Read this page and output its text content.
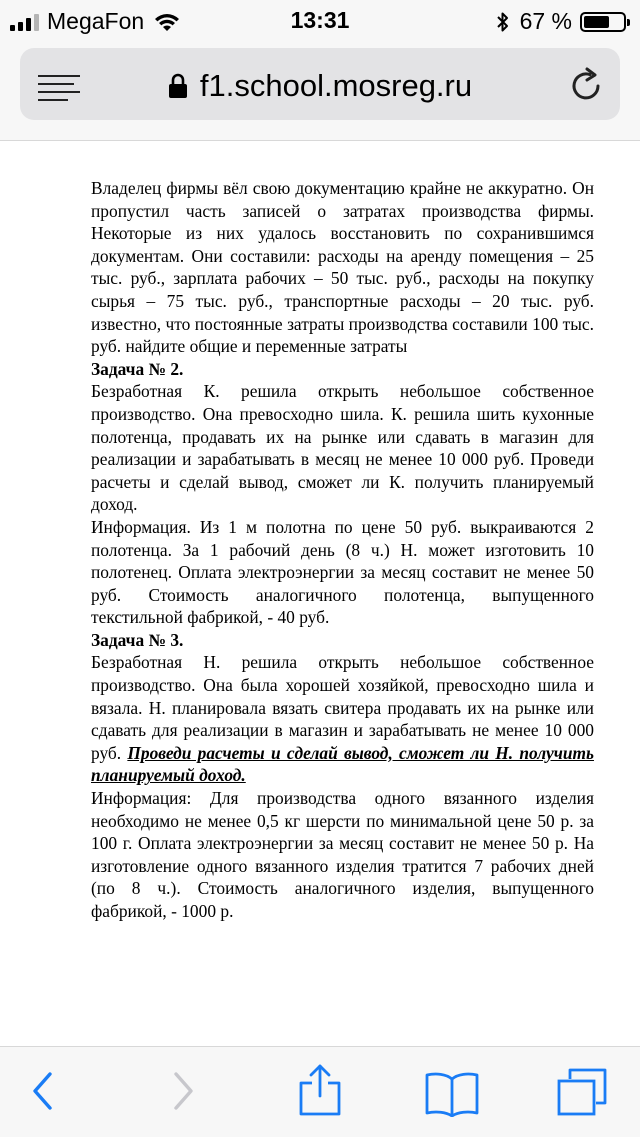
MegaFon	13:31	67 %
f1.school.mosreg.ru

Владелец фирмы вёл свою документацию крайне не аккуратно. Он пропустил часть записей о затратах производства фирмы. Некоторые из них удалось восстановить по сохранившимся документам. Они составили: расходы на аренду помещения – 25 тыс. руб., зарплата рабочих – 50 тыс. руб., расходы на покупку сырья – 75 тыс. руб., транспортные расходы – 20 тыс. руб. известно, что постоянные затраты производства составили 100 тыс. руб. найдите общие и переменные затраты

Задача № 2.

Безработная К. решила открыть небольшое собственное производство. Она превосходно шила. К. решила шить кухонные полотенца, продавать их на рынке или сдавать в магазин для реализации и зарабатывать в месяц не менее 10 000 руб. Проведи расчеты и сделай вывод, сможет ли К. получить планируемый доход.

Информация. Из 1 м полотна по цене 50 руб. выкраиваются 2 полотенца. За 1 рабочий день (8 ч.) Н. может изготовить 10 полотенец. Оплата электроэнергии за месяц составит не менее 50 руб. Стоимость аналогичного полотенца, выпущенного текстильной фабрикой, - 40 руб.

Задача № 3.

Безработная Н. решила открыть небольшое собственное производство. Она была хорошей хозяйкой, превосходно шила и вязала. Н. планировала вязать свитера продавать их на рынке или сдавать для реализации в магазин и зарабатывать не менее 10 000 руб. Проведи расчеты и сделай вывод, сможет ли Н. получить планируемый доход.

Информация: Для производства одного вязанного изделия необходимо не менее 0,5 кг шерсти по минимальной цене 50 р. за 100 г. Оплата электроэнергии за месяц составит не менее 50 р. На изготовление одного вязанного изделия тратится 7 рабочих дней (по 8 ч.). Стоимость аналогичного изделия, выпущенного фабрикой, - 1000 р.
